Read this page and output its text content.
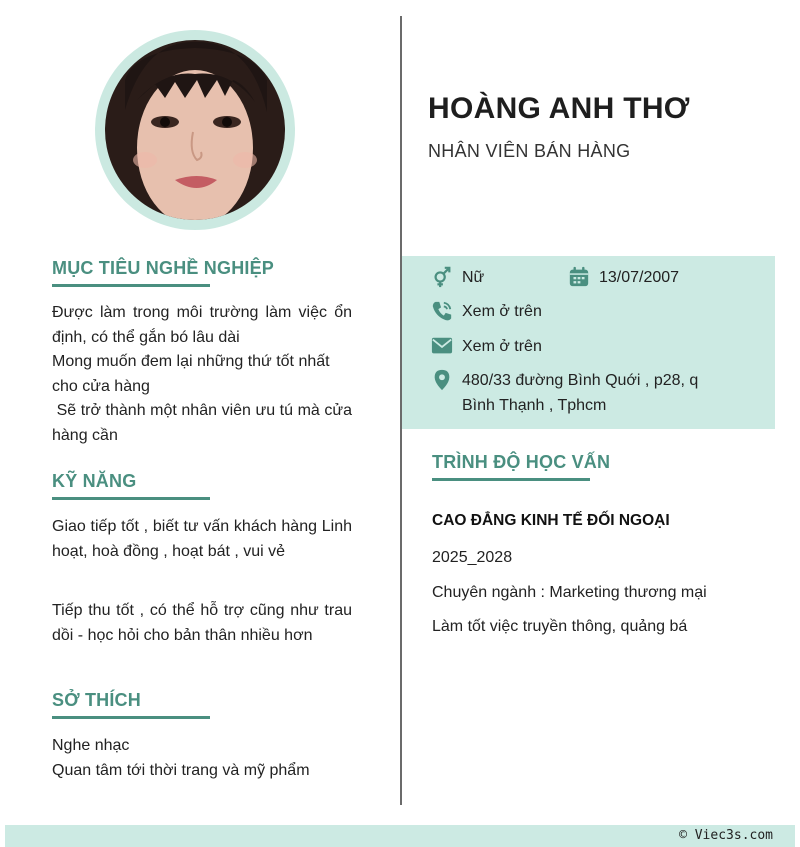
MỤC TIÊU NGHỀ NGHIỆP
Được làm trong môi trường làm việc ổn định, có thể gắn bó lâu dài
Mong muốn đem lại những thứ tốt nhất cho cửa hàng
Sẽ trở thành một nhân viên ưu tú mà cửa hàng cần
KỸ NĂNG
Giao tiếp tốt , biết tư vấn khách hàng Linh hoạt, hoà đồng , hoạt bát , vui vẻ
Tiếp thu tốt , có thể hỗ trợ cũng như trau dồi - học hỏi cho bản thân nhiều hơn
SỞ THÍCH
Nghe nhạc
Quan tâm tới thời trang và mỹ phẩm
HOÀNG ANH THƠ
NHÂN VIÊN BÁN HÀNG
Nữ	13/07/2007
Xem ở trên
Xem ở trên
480/33 đường Bình Quới , p28, q
Bình Thạnh , Tphcm
TRÌNH ĐỘ HỌC VẤN
CAO ĐẲNG KINH TẾ ĐỐI NGOẠI
2025_2028
Chuyên ngành : Marketing thương mại
Làm tốt việc truyền thông, quảng bá
© Viec3s.com
